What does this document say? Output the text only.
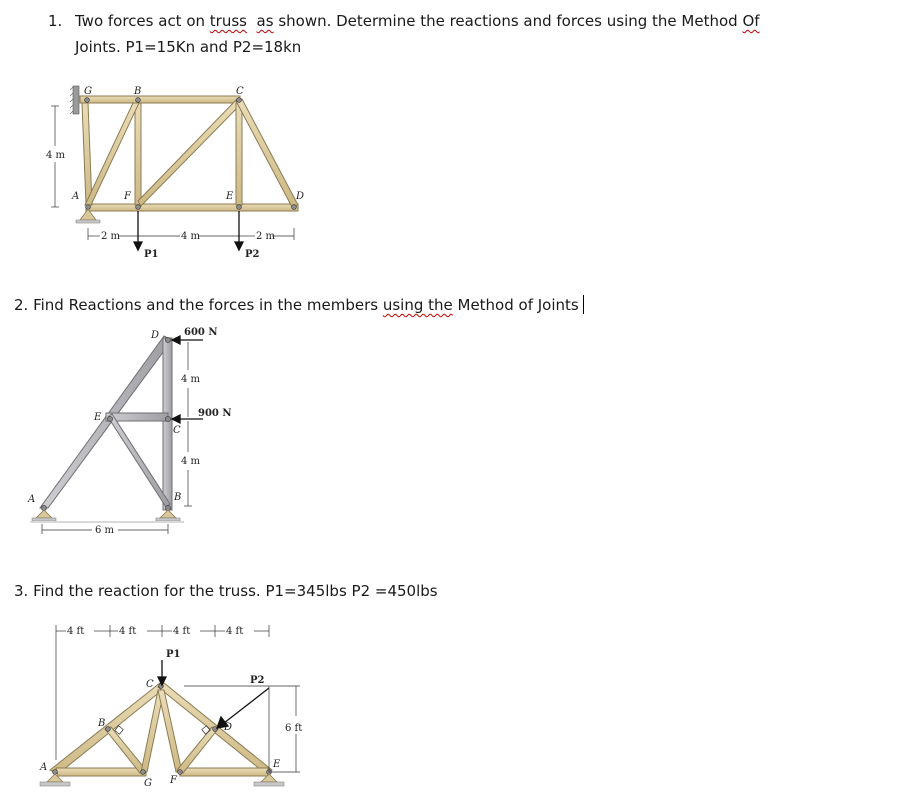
1. Two forces act on truss as shown. Determine the reactions and forces using the Method Of
Joints. P1=15Kn and P2=18kn
G	B	C
A	F	E	D
4 m
2 m	4 m	2 m
P1	P2
2. Find Reactions and the forces in the members using the Method of Joints
D
E
C
A	B
600 N
900 N
4 m
4 m
6 m
3. Find the reaction for the truss. P1=345lbs P2 =450lbs
4 ft	4 ft	4 ft	4 ft
P1
P2
6 ft
A
B
C
D
E
F
G
